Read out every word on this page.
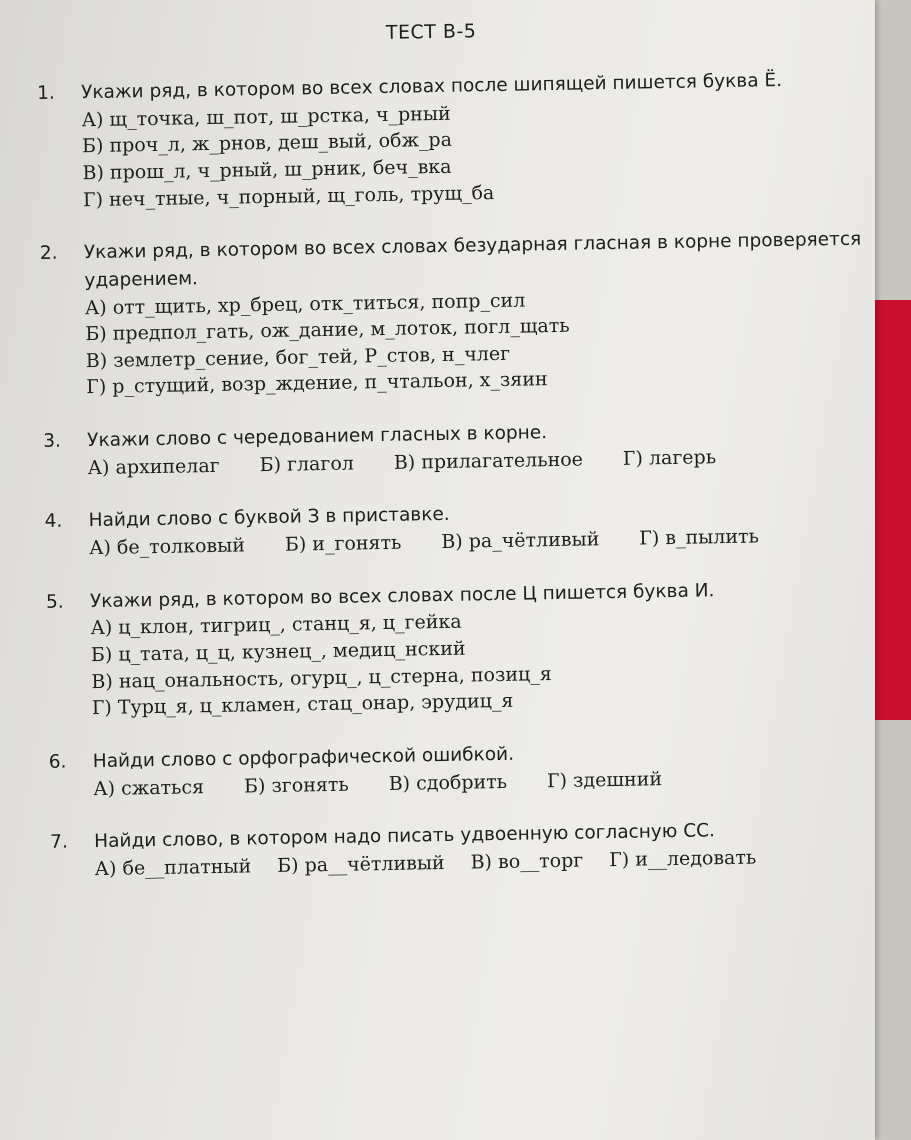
ТЕСТ В-5
1.	Укажи ряд, в котором во всех словах после шипящей пишется буква Ё.
А) щ_точка, ш_пот, ш_рстка, ч_рный
Б) проч_л, ж_рнов, деш_вый, обж_ра
В) прош_л, ч_рный, ш_рник, беч_вка
Г) неч_тные, ч_порный, щ_голь, трущ_ба
2.	Укажи ряд, в котором во всех словах безударная гласная в корне проверяется ударением.
А) отт_щить, хр_брец, отк_титься, попр_сил
Б) предпол_гать, ож_дание, м_лоток, погл_щать
В) землетр_сение, бог_тей, Р_стов, н_члег
Г) р_стущий, возр_ждение, п_чтальон, х_зяин
3.	Укажи слово с чередованием гласных в корне.
А) архипелаг Б) глагол В) прилагательное Г) лагерь
4.	Найди слово с буквой З в приставке.
А) бе_толковый Б) и_гонять В) ра_чётливый Г) в_пылить
5.	Укажи ряд, в котором во всех словах после Ц пишется буква И.
А) ц_клон, тигриц_, станц_я, ц_гейка
Б) ц_тата, ц_ц, кузнец_, медиц_нский
В) нац_ональность, огурц_, ц_стерна, позиц_я
Г) Турц_я, ц_кламен, стац_онар, эрудиц_я
6.	Найди слово с орфографической ошибкой.
А) сжаться Б) згонять В) сдобрить Г) здешний
7.	Найди слово, в котором надо писать удвоенную согласную СС.
А) бе__платный Б) ра__чётливый В) во__торг Г) и__ледовать
